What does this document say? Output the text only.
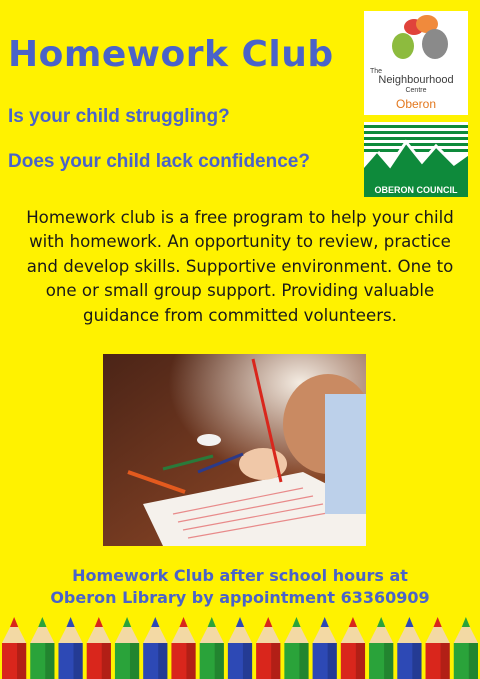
Homework Club

Is your child struggling?

Does your child lack confidence?

The
Neighbourhood
Centre
Oberon
OBERON COUNCIL

Homework club is a free program to help your child
with homework. An opportunity to review, practice
and develop skills. Supportive environment. One to
one or small group support. Providing valuable
guidance from committed volunteers.

Homework Club after school hours at
Oberon Library by appointment 63360909
